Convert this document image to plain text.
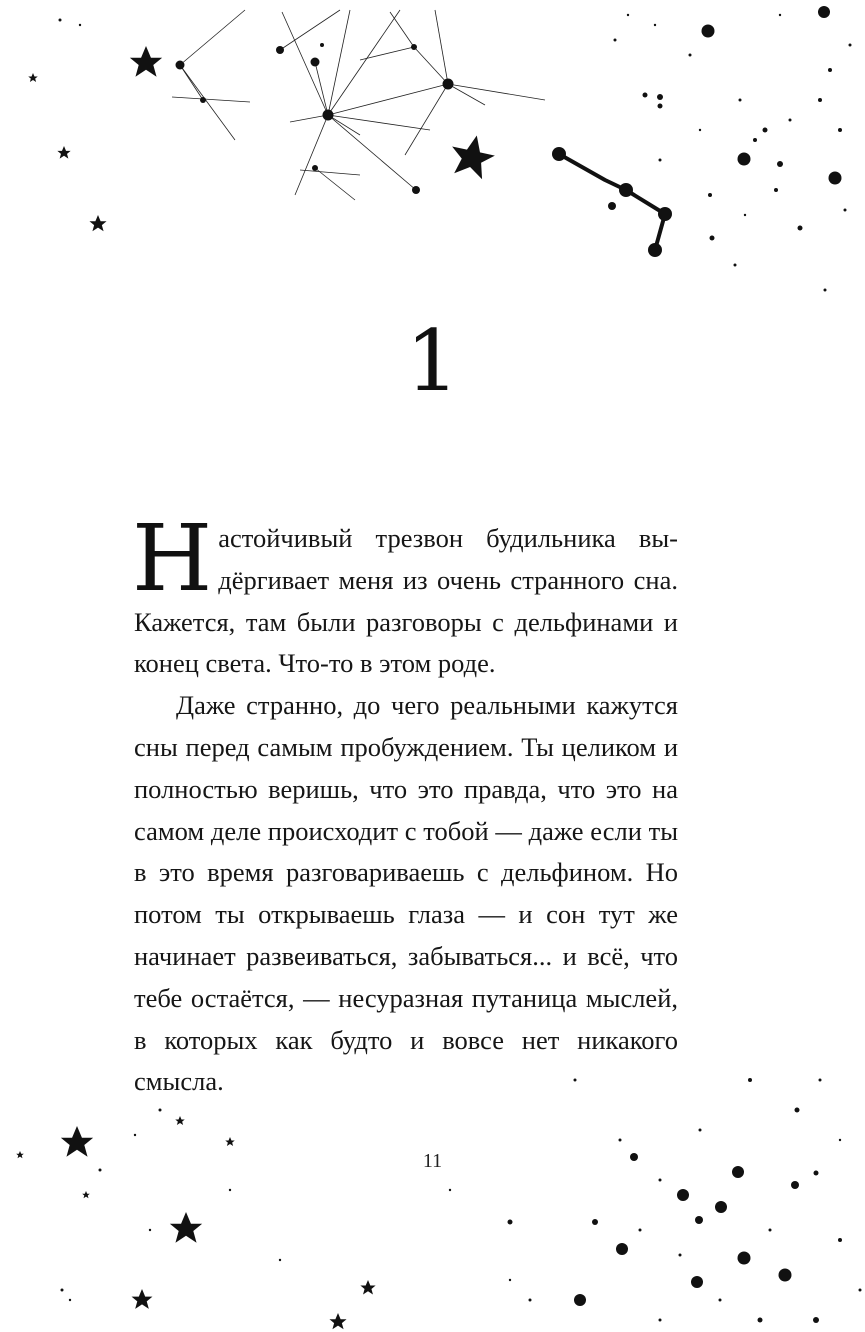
1

Настойчивый трезвон будильника выдёргивает меня из очень странного сна. Кажется, там были разговоры с дельфинами и конец света. Что-то в этом роде.

Даже странно, до чего реальными кажутся сны перед самым пробуждением. Ты целиком и полностью веришь, что это правда, что это на самом деле происходит с тобой — даже если ты в это время разговариваешь с дельфином. Но потом ты открываешь глаза — и сон тут же начинает развеиваться, забываться... и всё, что тебе остаётся, — несуразная путаница мыслей, в которых как будто и вовсе нет никакого смысла.

11
